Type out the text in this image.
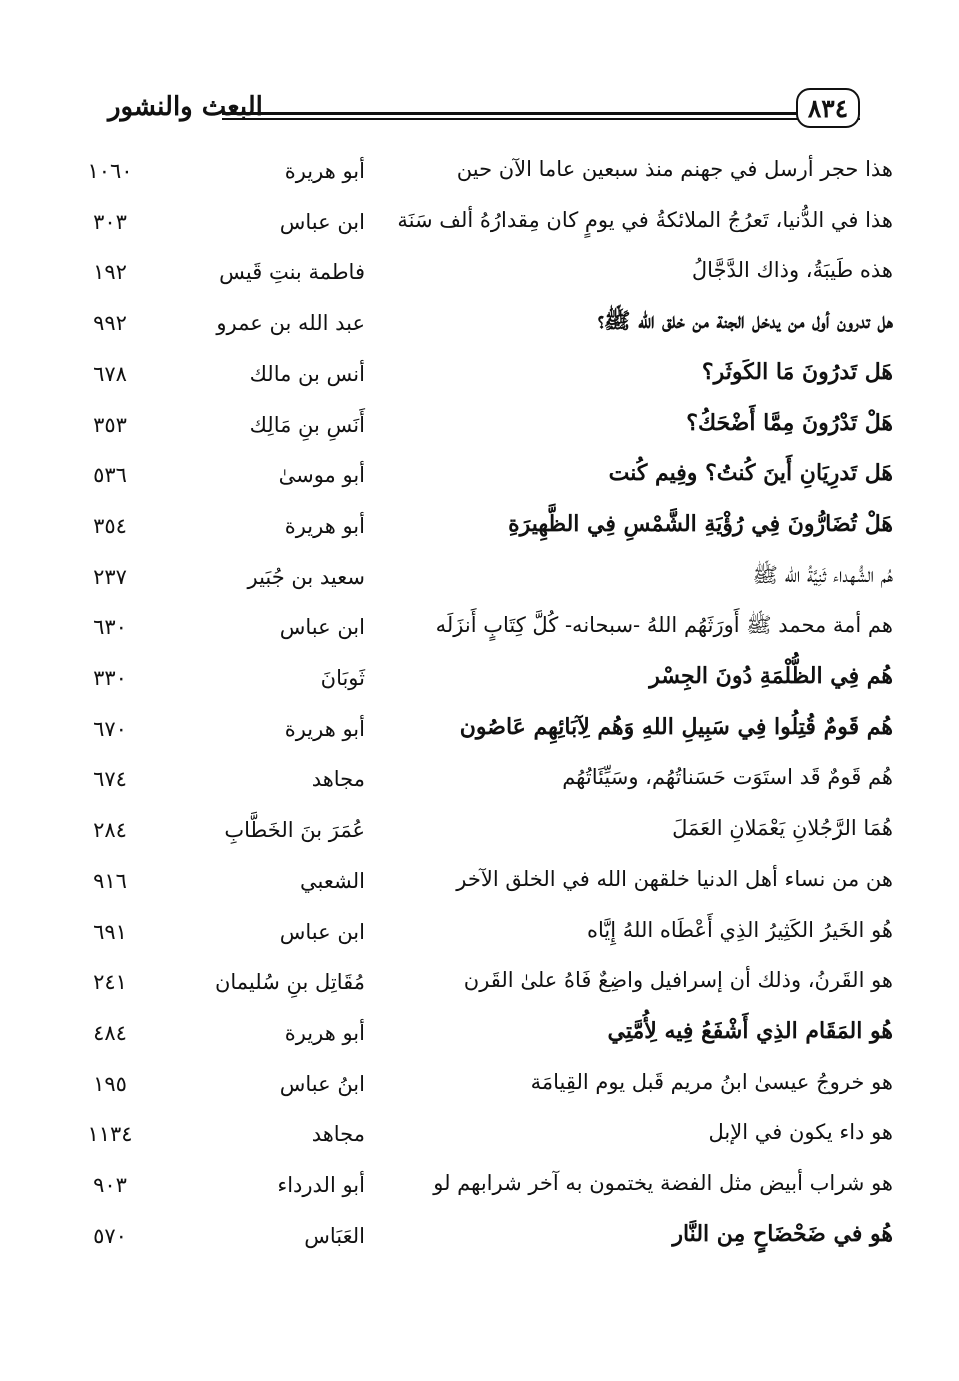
البعث والنشور	٨٣٤
هذا حجر أرسل في جهنم منذ سبعين عاما الآن حين
أبو هريرة
١٠٦٠
هذا في الدُّنيا، تَعرُجُ الملائكةُ في يومٍ كان مِقدارُهُ ألف سَنَة
ابن عباس
٣٠٣
هذه طَيبَةُ، وذاك الدَّجَّالُ
فاطمة بنتِ قَيس
١٩٢
هل تدرون أول من يدخل الجنة من خلق الله ﷺ؟
عبد الله بن عمرو
٩٩٢
هَل تَدرُونَ مَا الكَوثَر؟
أنس بن مالك
٦٧٨
هَلْ تَدْرُونَ مِمَّا أَضْحَكُ؟
أَنَسِ بنِ مَالِك
٣٥٣
هَل تَدرِيَانِ أَينَ كُنتُ؟ وفِيم كُنت
أبو موسىٰ
٥٣٦
هَلْ تُضَارُّونَ فِي رُؤْيَةِ الشَّمْسِ فِي الظَّهِيرَةِ
أبو هريرة
٣٥٤
هُم الشُّهداء ثَنِيَّةُ الله ﷺ
سعيد بن جُبَير
٢٣٧
هم أمة محمد ﷺ أَورَثَهُم اللهُ -سبحانه- كُلَّ كِتَابٍ أَنزَلَه
ابن عباس
٦٣٠
هُم فِي الظُّلْمَةِ دُونَ الجِسْر
ثَوبَانَ
٣٣٠
هُم قَومٌ قُتِلُوا فِي سَبِيلِ اللهِ وَهُم لِآبَائِهِم عَاصُون
أبو هريرة
٦٧٠
هُم قَومٌ قَد استَوَت حَسَناتُهُم، وسَيِّئَاتُهُم
مجاهد
٦٧٤
هُمَا الرَّجُلانِ يَعْمَلانِ العَمَلَ
عُمَرَ بنَ الخَطَّابِ
٢٨٤
هن من نساء أهل الدنيا خلقهن الله في الخلق الآخر
الشعبي
٩١٦
هُو الخَيرُ الكَثِيرُ الذِي أَعْطَاه اللهُ إِيَّاه
ابن عباس
٦٩١
هو القَرنُ، وذلك أن إسرافيل واضِعٌ فَاهُ علىٰ القَرن
مُقَاتِل بنِ سُليمان
٢٤١
هُو المَقَام الذِي أَشْفَعُ فِيه لِأُمَّتِي
أبو هريرة
٤٨٤
هو خروجُ عيسىٰ ابنُ مريم قَبل يوم القِيامَة
ابنُ عباس
١٩٥
هو داء يكون في الإبل
مجاهد
١١٣٤
هو شراب أبيض مثل الفضة يختمون به آخر شرابهم لو
أبو الدرداء
٩٠٣
هُو في ضَحْضَاحٍ مِن النَّار
العَبَاس
٥٧٠
